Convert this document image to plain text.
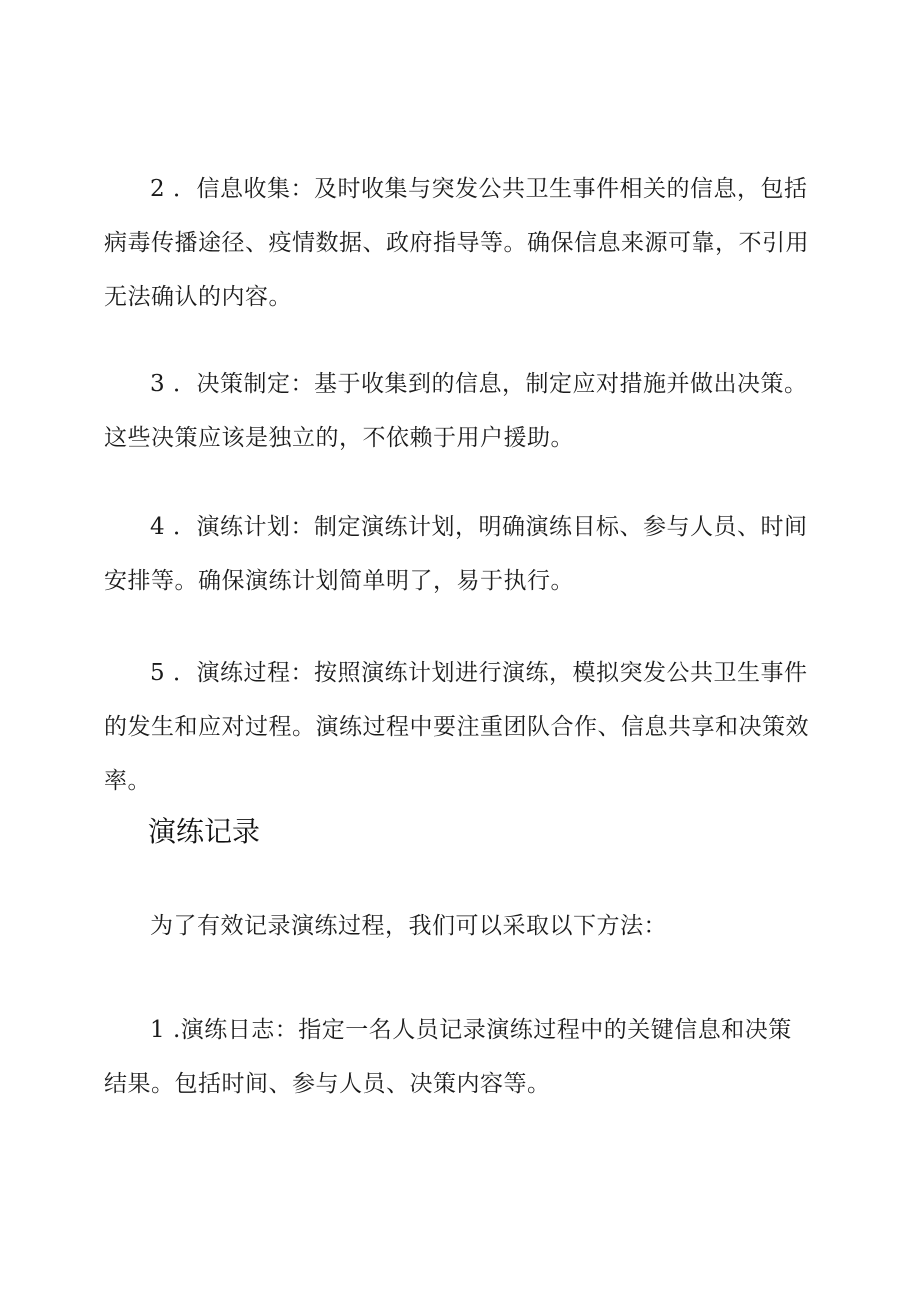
2 ．信息收集：及时收集与突发公共卫生事件相关的信息，包括病毒传播途径、疫情数据、政府指导等。确保信息来源可靠，不引用无法确认的内容。

3 ．决策制定：基于收集到的信息，制定应对措施并做出决策。这些决策应该是独立的，不依赖于用户援助。

4 ．演练计划：制定演练计划，明确演练目标、参与人员、时间安排等。确保演练计划简单明了，易于执行。

5 ．演练过程：按照演练计划进行演练，模拟突发公共卫生事件的发生和应对过程。演练过程中要注重团队合作、信息共享和决策效率。

演练记录

为了有效记录演练过程，我们可以采取以下方法：

1 .演练日志：指定一名人员记录演练过程中的关键信息和决策结果。包括时间、参与人员、决策内容等。
